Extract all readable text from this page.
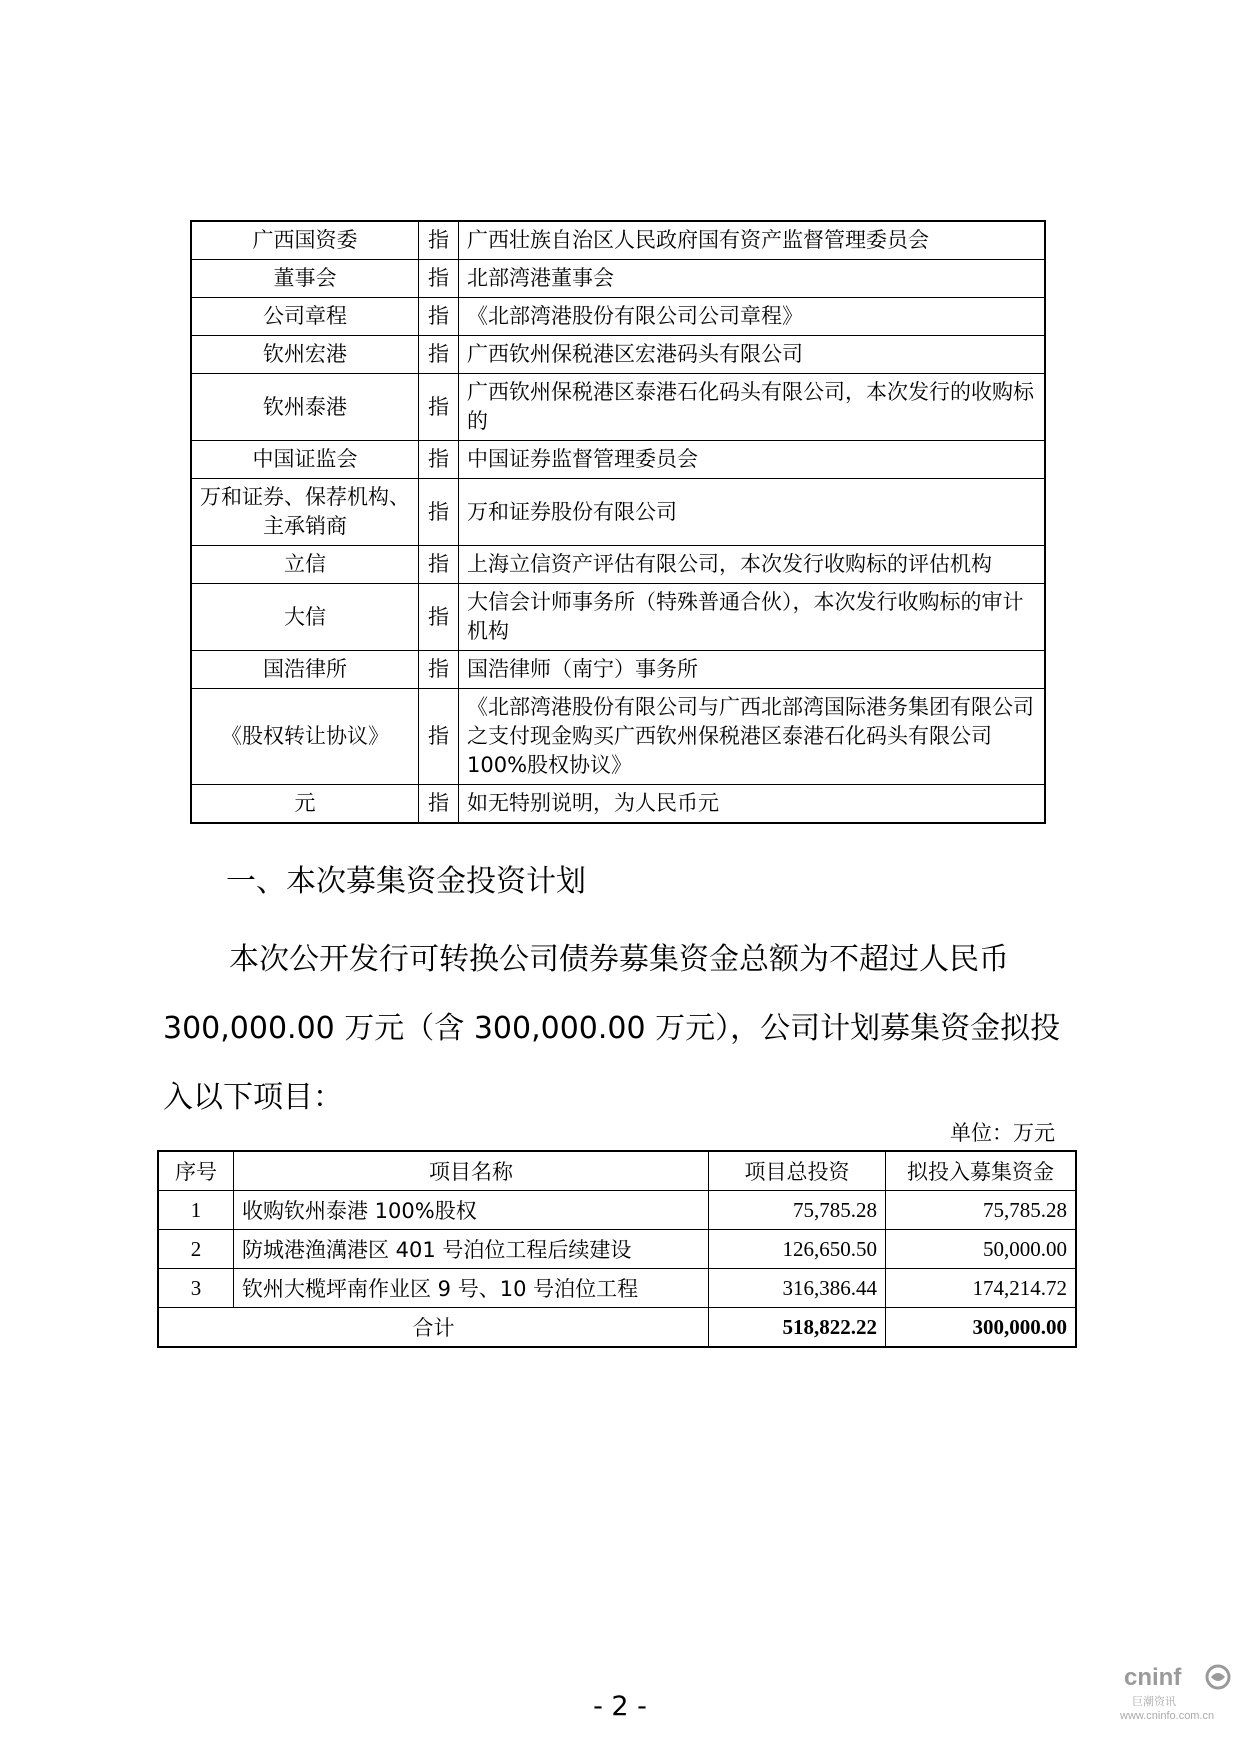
广西国资委	指	广西壮族自治区人民政府国有资产监督管理委员会
董事会	指	北部湾港董事会
公司章程	指	《北部湾港股份有限公司公司章程》
钦州宏港	指	广西钦州保税港区宏港码头有限公司
钦州泰港	指	广西钦州保税港区泰港石化码头有限公司，本次发行的收购标的
中国证监会	指	中国证券监督管理委员会
万和证券、保荐机构、主承销商	指	万和证券股份有限公司
立信	指	上海立信资产评估有限公司，本次发行收购标的评估机构
大信	指	大信会计师事务所（特殊普通合伙），本次发行收购标的审计机构
国浩律所	指	国浩律师（南宁）事务所
《股权转让协议》	指	《北部湾港股份有限公司与广西北部湾国际港务集团有限公司之支付现金购买广西钦州保税港区泰港石化码头有限公司100%股权协议》
元	指	如无特别说明，为人民币元
一、本次募集资金投资计划
本次公开发行可转换公司债券募集资金总额为不超过人民币
300,000.00 万元（含 300,000.00 万元），公司计划募集资金拟投
入以下项目：
单位：万元
序号	项目名称	项目总投资	拟投入募集资金
1	收购钦州泰港 100%股权	75,785.28	75,785.28
2	防城港渔澫港区 401 号泊位工程后续建设	126,650.50	50,000.00
3	钦州大榄坪南作业区 9 号、10 号泊位工程	316,386.44	174,214.72
合计		518,822.22	300,000.00
- 2 -
cninf
巨潮资讯
www.cninfo.com.cn
